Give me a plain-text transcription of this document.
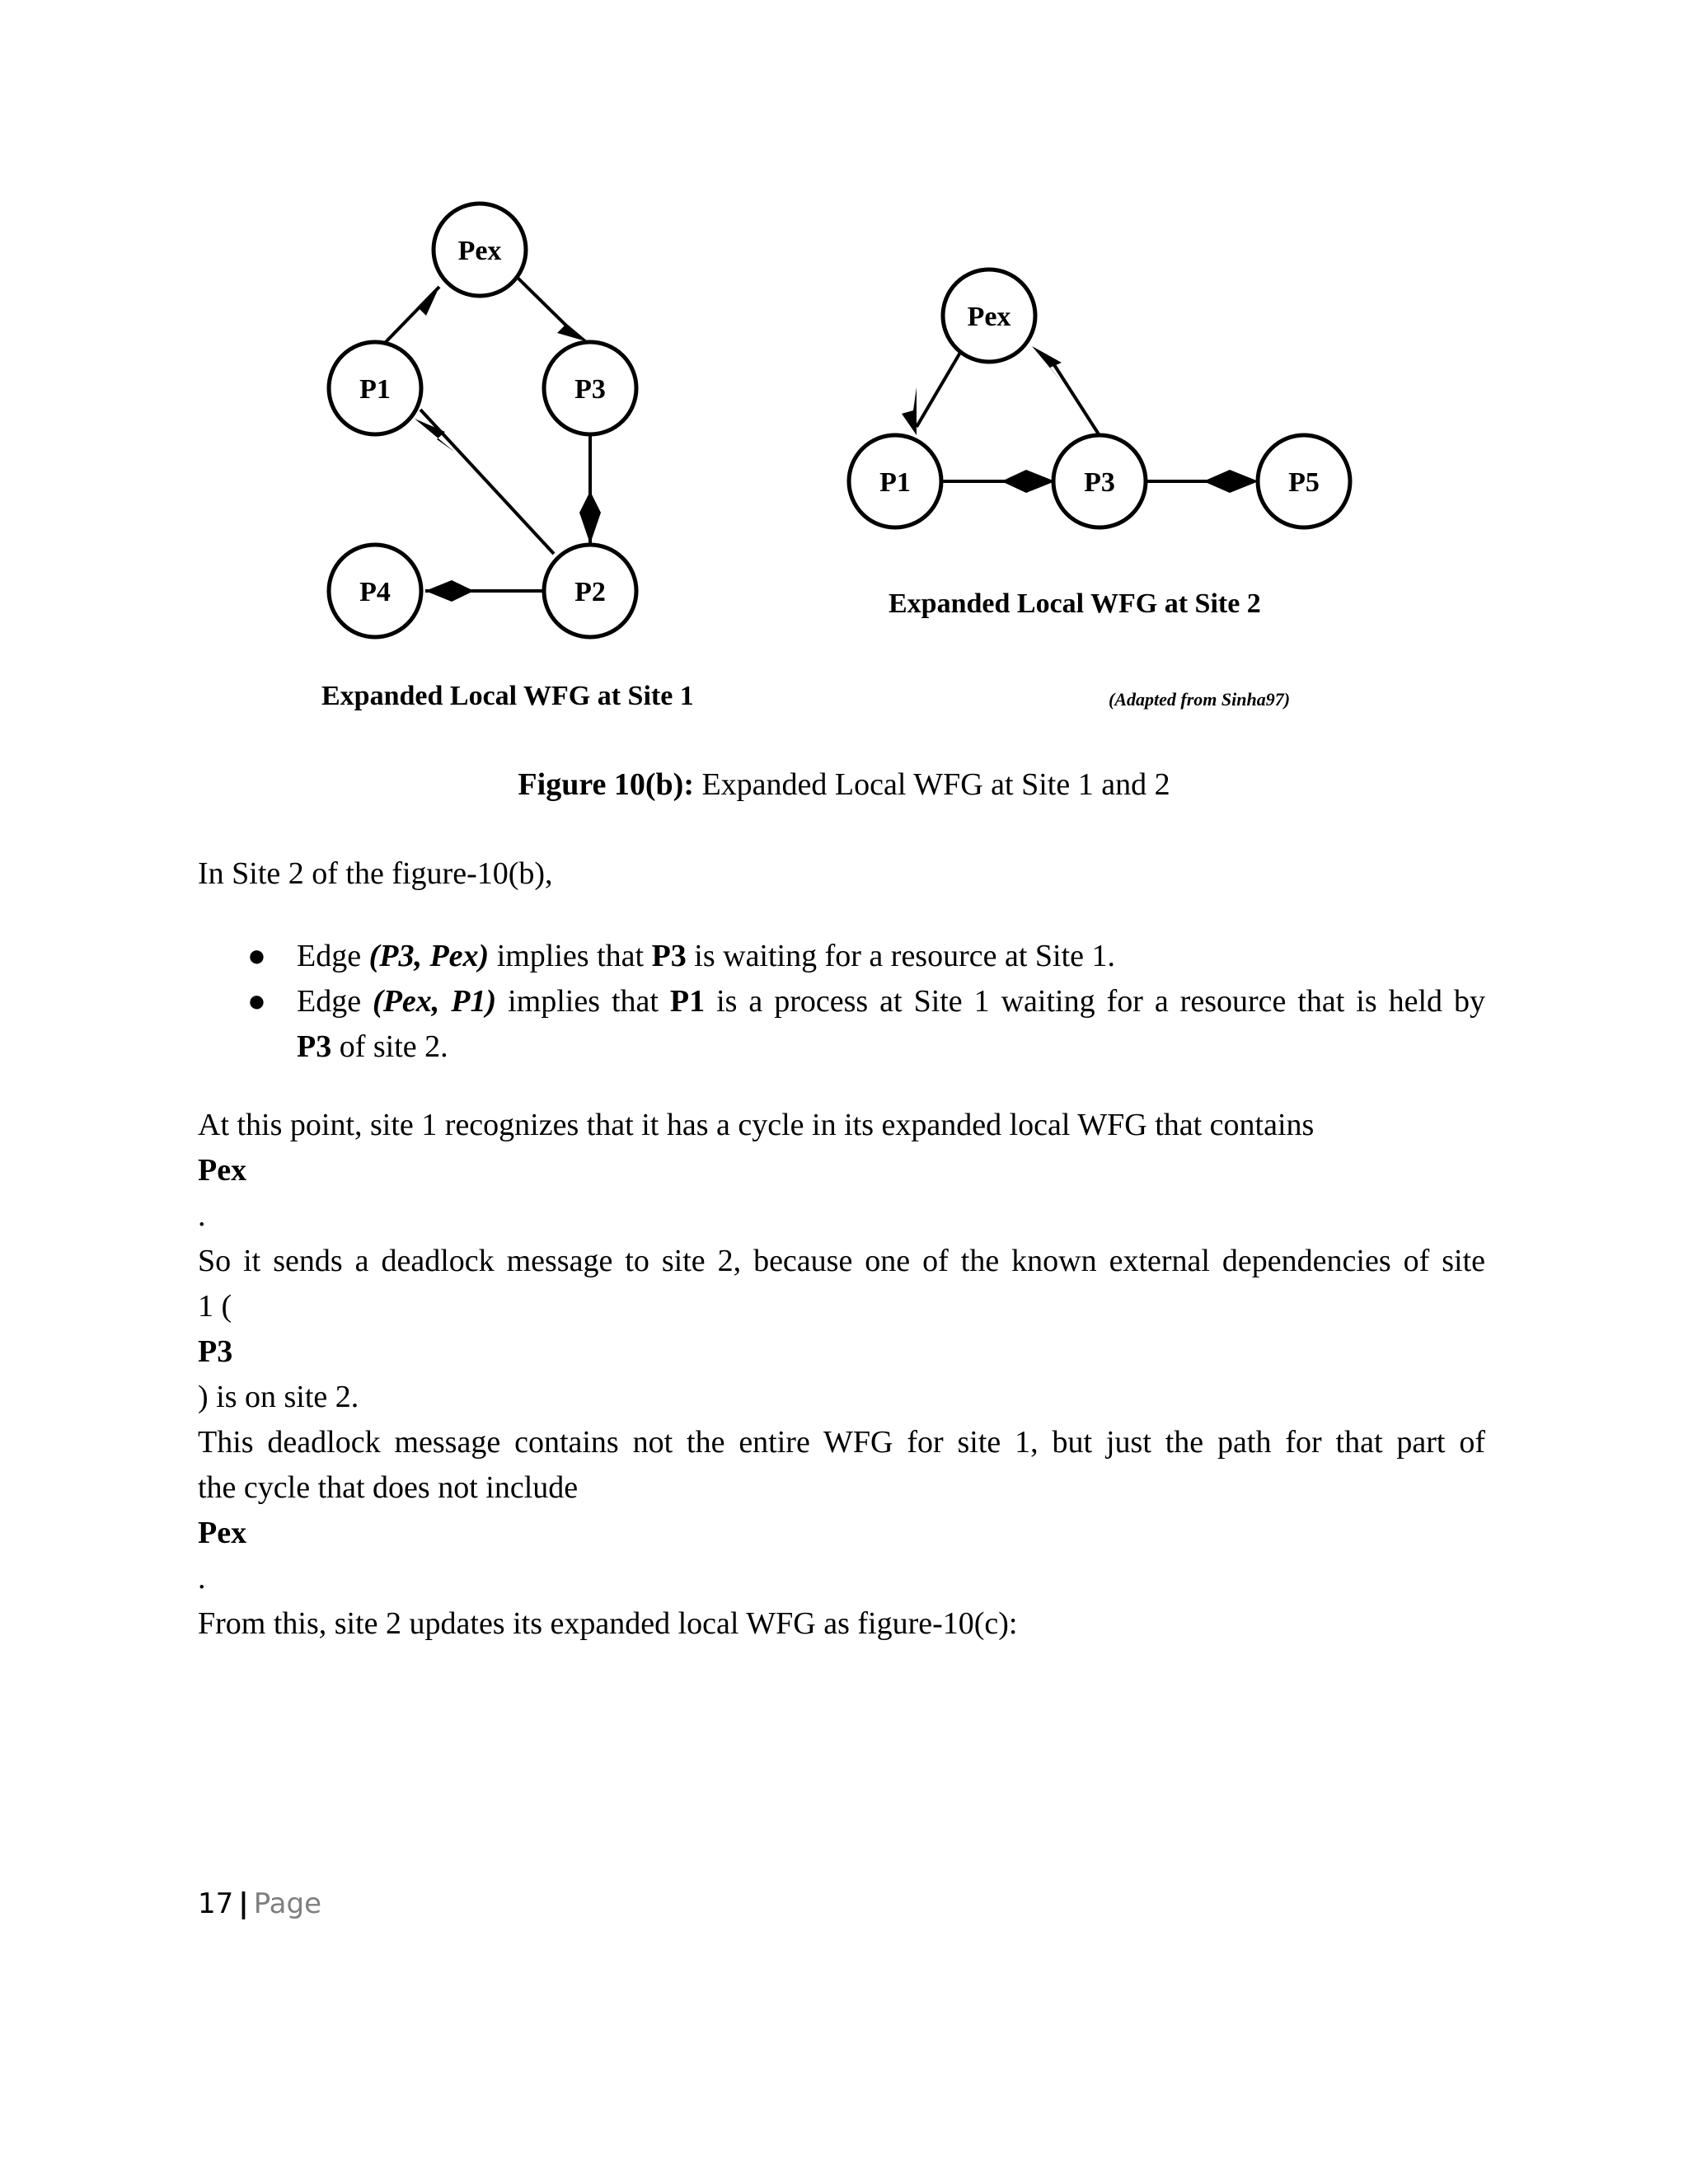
Pex
P1	P3
P4	P2
Expanded Local WFG at Site 1
Pex
P1	P3	P5
Expanded Local WFG at Site 2
(Adapted from Sinha97)
Figure 10(b): Expanded Local WFG at Site 1 and 2
In Site 2 of the figure-10(b),
● Edge (P3, Pex) implies that P3 is waiting for a resource at Site 1.
● Edge (Pex, P1) implies that P1 is a process at Site 1 waiting for a resource that is held by
P3 of site 2.
At this point, site 1 recognizes that it has a cycle in its expanded local WFG that contains
Pex
.
So it sends a deadlock message to site 2, because one of the known external dependencies of site
1 (
P3
) is on site 2.
This deadlock message contains not the entire WFG for site 1, but just the path for that part of
the cycle that does not include
Pex
.
From this, site 2 updates its expanded local WFG as figure-10(c):
17 | Page
